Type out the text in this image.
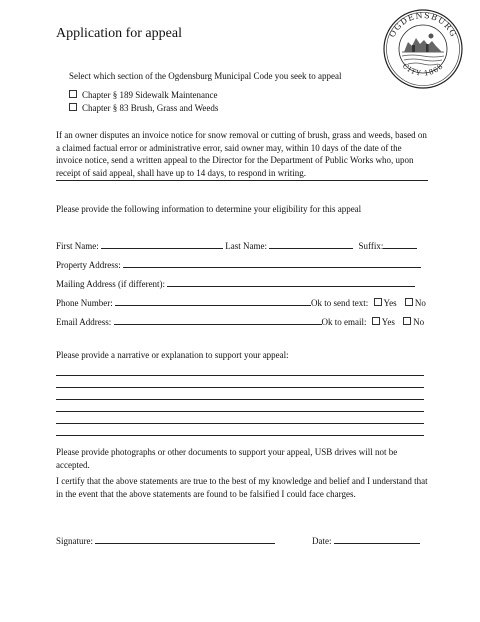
Application for appeal	OGDENSBURG
CITY 1868
Select which section of the Ogdensburg Municipal Code you seek to appeal
Chapter § 189 Sidewalk Maintenance
Chapter § 83 Brush, Grass and Weeds
If an owner disputes an invoice notice for snow removal or cutting of brush, grass and weeds, based on a claimed factual error or administrative error, said owner may, within 10 days of the date of the invoice notice, send a written appeal to the Director for the Department of Public Works who, upon receipt of said appeal, shall have up to 14 days, to respond in writing.
Please provide the following information to determine your eligibility for this appeal
First Name:	Last Name:	Suffix:
Property Address:
Mailing Address (if different):
Phone Number:	Ok to send text: Yes No
Email Address:	Ok to email: Yes No
Please provide a narrative or explanation to support your appeal:
Please provide photographs or other documents to support your appeal, USB drives will not be accepted.
I certify that the above statements are true to the best of my knowledge and belief and I understand that in the event that the above statements are found to be falsified I could face charges.
Signature:	Date:
